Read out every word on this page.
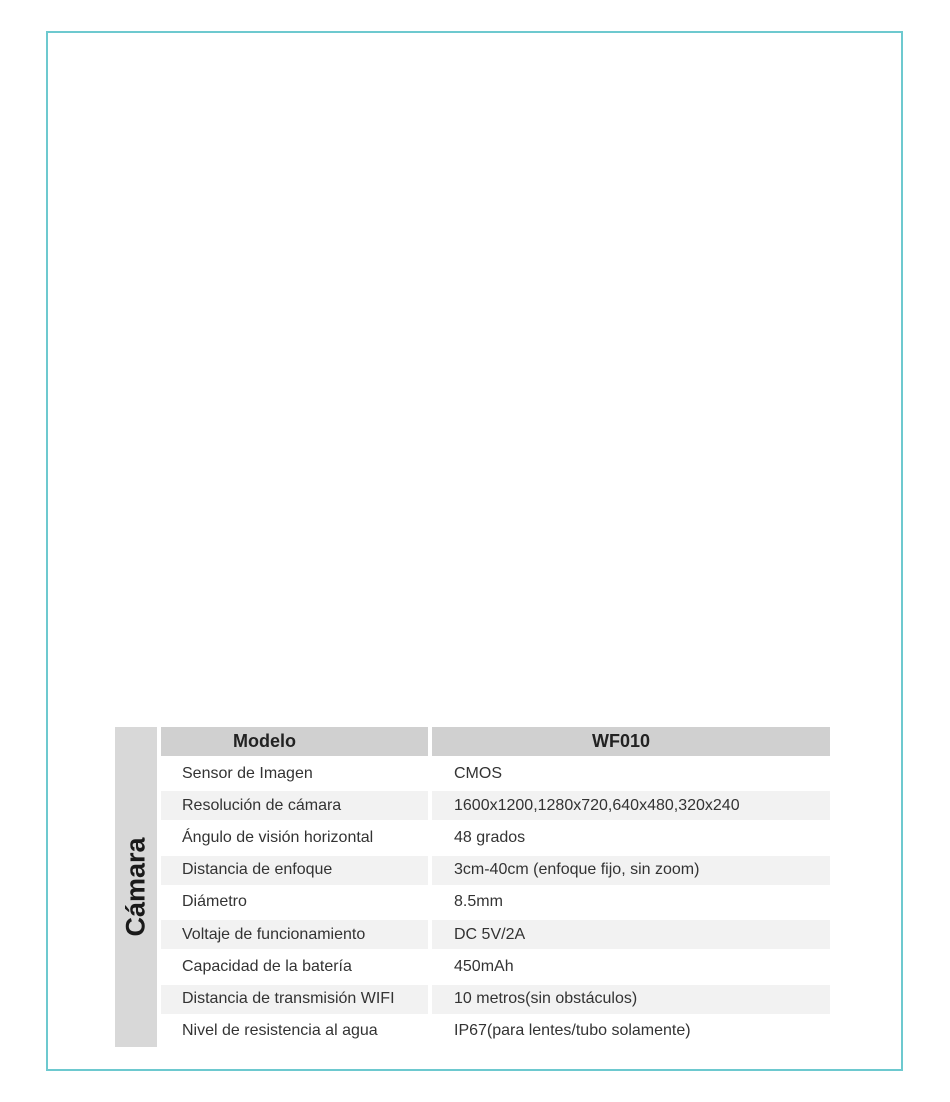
Cámara
Modelo	WF010
Sensor de Imagen	CMOS
Resolución de cámara	1600x1200,1280x720,640x480,320x240
Ángulo de visión horizontal	48 grados
Distancia de enfoque	3cm-40cm (enfoque fijo, sin zoom)
Diámetro	8.5mm
Voltaje de funcionamiento	DC 5V/2A
Capacidad de la batería	450mAh
Distancia de transmisión WIFI	10 metros(sin obstáculos)
Nivel de resistencia al agua	IP67(para lentes/tubo solamente)
